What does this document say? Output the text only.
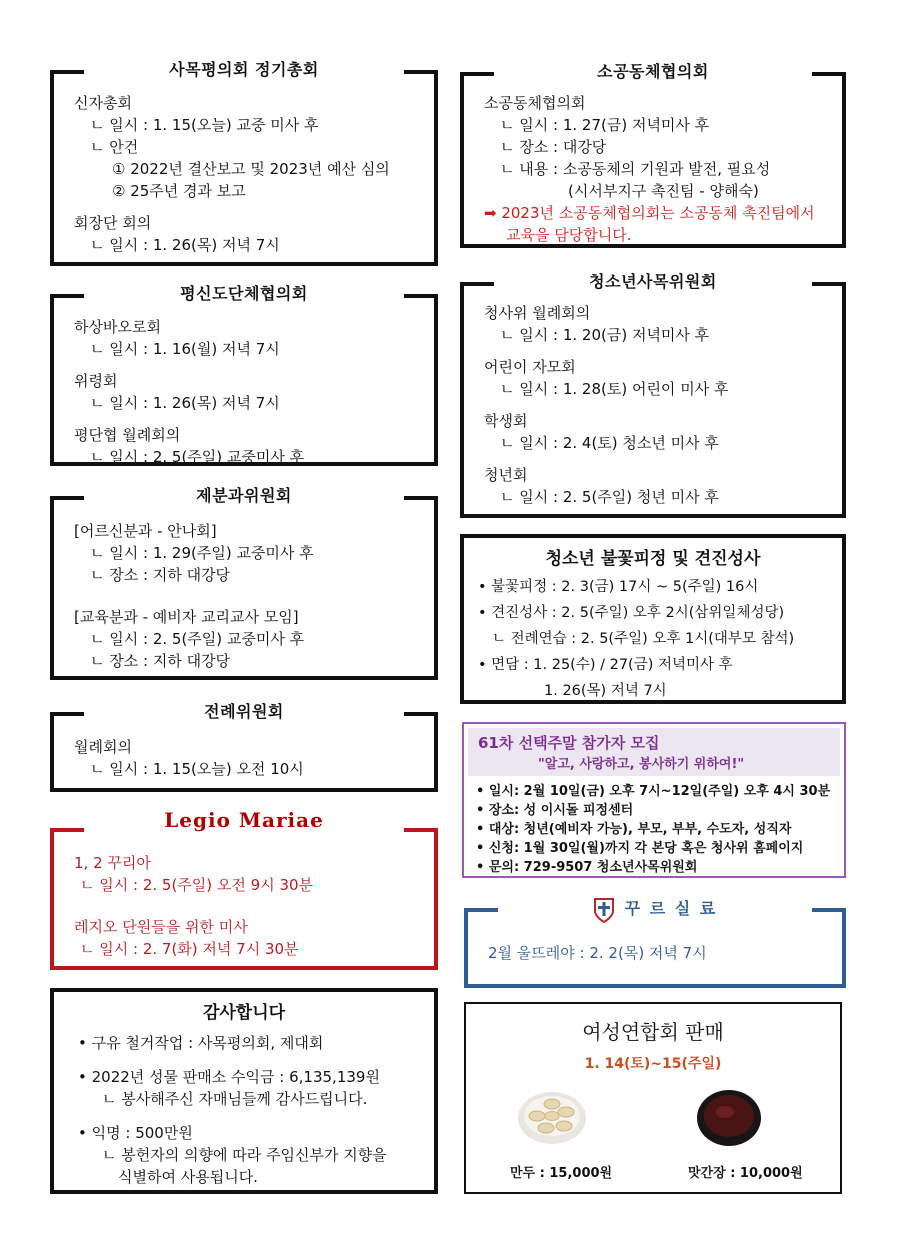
사목평의회 정기총회
신자총회
ㄴ 일시 : 1. 15(오늘) 교중 미사 후
ㄴ 안건
① 2022년 결산보고 및 2023년 예산 심의
② 25주년 경과 보고
회장단 회의
ㄴ 일시 : 1. 26(목) 저녁 7시
평신도단체협의회
하상바오로회
ㄴ 일시 : 1. 16(월) 저녁 7시
위령회
ㄴ 일시 : 1. 26(목) 저녁 7시
평단협 월례회의
ㄴ 일시 : 2. 5(주일) 교중미사 후
제분과위원회
[어르신분과 - 안나회]
ㄴ 일시 : 1. 29(주일) 교중미사 후
ㄴ 장소 : 지하 대강당
[교육분과 - 예비자 교리교사 모임]
ㄴ 일시 : 2. 5(주일) 교중미사 후
ㄴ 장소 : 지하 대강당
전례위원회
월례회의
ㄴ 일시 : 1. 15(오늘) 오전 10시
Legio Mariae
1, 2 꾸리아
ㄴ 일시 : 2. 5(주일) 오전 9시 30분
레지오 단원들을 위한 미사
ㄴ 일시 : 2. 7(화) 저녁 7시 30분
감사합니다
• 구유 철거작업 : 사목평의회, 제대회
• 2022년 성물 판매소 수익금 : 6,135,139원
ㄴ 봉사해주신 자매님들께 감사드립니다.
• 익명 : 500만원
ㄴ 봉헌자의 의향에 따라 주임신부가 지향을
식별하여 사용됩니다.
소공동체협의회
소공동체협의회
ㄴ 일시 : 1. 27(금) 저녁미사 후
ㄴ 장소 : 대강당
ㄴ 내용 : 소공동체의 기원과 발전, 필요성
(시서부지구 촉진팀 - 양해숙)
➡ 2023년 소공동체협의회는 소공동체 촉진팀에서
교육을 담당합니다.
청소년사목위원회
청사위 월례회의
ㄴ 일시 : 1. 20(금) 저녁미사 후
어린이 자모회
ㄴ 일시 : 1. 28(토) 어린이 미사 후
학생회
ㄴ 일시 : 2. 4(토) 청소년 미사 후
청년회
ㄴ 일시 : 2. 5(주일) 청년 미사 후
청소년 불꽃피정 및 견진성사
• 불꽃피정 : 2. 3(금) 17시 ~ 5(주일) 16시
• 견진성사 : 2. 5(주일) 오후 2시(삼위일체성당)
ㄴ 전례연습 : 2. 5(주일) 오후 1시(대부모 참석)
• 면담 : 1. 25(수) / 27(금) 저녁미사 후
1. 26(목) 저녁 7시
61차 선택주말 참가자 모집
"알고, 사랑하고, 봉사하기 위하여!"
• 일시: 2월 10일(금) 오후 7시~12일(주일) 오후 4시 30분
• 장소: 성 이시돌 피정센터
• 대상: 청년(예비자 가능), 부모, 부부, 수도자, 성직자
• 신청: 1월 30일(월)까지 각 본당 혹은 청사위 홈페이지
• 문의: 729-9507 청소년사목위원회
꾸 르 실 료
2월 울뜨레야 : 2. 2(목) 저녁 7시
여성연합회 판매
1. 14(토)~15(주일)
만두 : 15,000원	맛간장 : 10,000원
